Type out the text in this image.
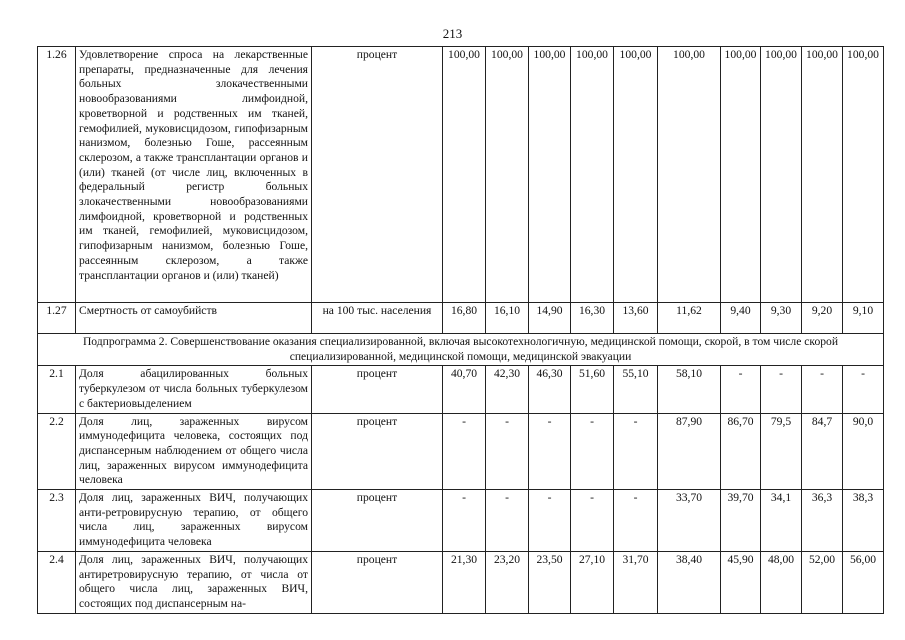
213
1.26	Удовлетворение спроса на лекарственные препараты, предназначенные для лечения больных злокачественными новообразованиями лимфоидной, кроветворной и родственных им тканей, гемофилией, муковисцидозом, гипофизарным нанизмом, болезнью Гоше, рассеянным склерозом, а также трансплантации органов и (или) тканей (от числе лиц, включенных в федеральный регистр больных злокачественными новообразованиями лимфоидной, кроветворной и родственных им тканей, гемофилией, муковисцидозом, гипофизарным нанизмом, болезнью Гоше, рассеянным склерозом, а также трансплантации органов и (или) тканей)	процент	100,00	100,00	100,00	100,00	100,00	100,00	100,00	100,00	100,00	100,00
1.27	Смертность от самоубийств	на 100 тыс. населения	16,80	16,10	14,90	16,30	13,60	11,62	9,40	9,30	9,20	9,10
Подпрограмма 2. Совершенствование оказания специализированной, включая высокотехнологичную, медицинской помощи, скорой, в том числе скорой специализированной, медицинской помощи, медицинской эвакуации												
2.1	Доля абацилированных больных туберкулезом от числа больных туберкулезом с бактериовыделением	процент	40,70	42,30	46,30	51,60	55,10	58,10	-	-	-	-
2.2	Доля лиц, зараженных вирусом иммунодефицита человека, состоящих под диспансерным наблюдением от общего числа лиц, зараженных вирусом иммунодефицита человека	процент	-	-	-	-	-	87,90	86,70	79,5	84,7	90,0
2.3	Доля лиц, зараженных ВИЧ, получающих анти-ретровирусную терапию, от общего числа лиц, зараженных вирусом иммунодефицита человека	процент	-	-	-	-	-	33,70	39,70	34,1	36,3	38,3
2.4	Доля лиц, зараженных ВИЧ, получающих антиретровирусную терапию, от числа от общего числа лиц, зараженных ВИЧ, состоящих под диспансерным на-	процент	21,30	23,20	23,50	27,10	31,70	38,40	45,90	48,00	52,00	56,00
